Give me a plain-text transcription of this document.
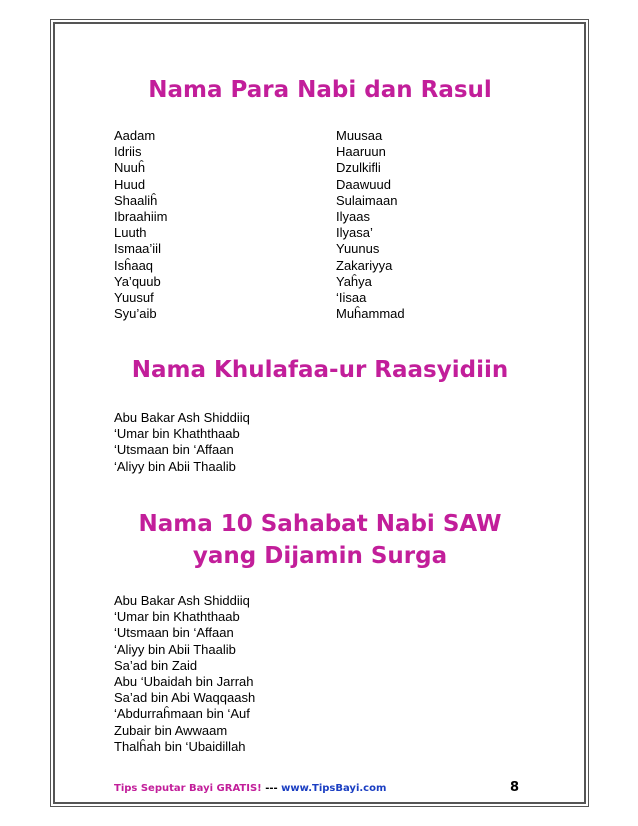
Nama Para Nabi dan Rasul
Aadam
Idriis
Nuuĥ
Huud
Shaaliĥ
Ibraahiim
Luuth
Ismaa’iil
Isĥaaq
Ya’quub
Yuusuf
Syu’aib
Muusaa
Haaruun
Dzulkifli
Daawuud
Sulaimaan
Ilyaas
Ilyasa’
Yuunus
Zakariyya
Yaĥya
‘Iisaa
Muĥammad
Nama Khulafaa-ur Raasyidiin
Abu Bakar Ash Shiddiiq
‘Umar bin Khaththaab
‘Utsmaan bin ‘Affaan
‘Aliyy bin Abii Thaalib
Nama 10 Sahabat Nabi SAW
yang Dijamin Surga
Abu Bakar Ash Shiddiiq
‘Umar bin Khaththaab
‘Utsmaan bin ‘Affaan
‘Aliyy bin Abii Thaalib
Sa’ad bin Zaid
Abu ‘Ubaidah bin Jarrah
Sa’ad bin Abi Waqqaash
‘Abdurraĥmaan bin ‘Auf
Zubair bin Awwaam
Thalĥah bin ‘Ubaidillah
Tips Seputar Bayi GRATIS! --- www.TipsBayi.com	8
